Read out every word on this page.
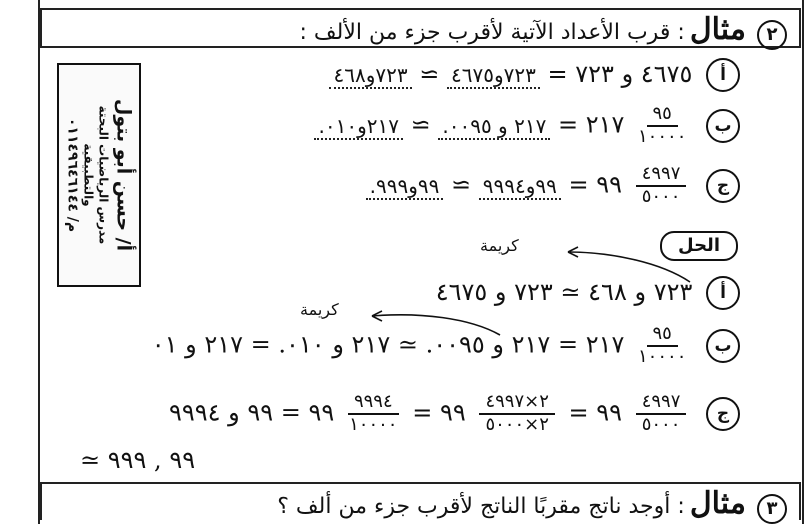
٢ مثال : قرب الأعداد الآتية لأقرب جزء من الألف :
أ/ حسن أبو بتول
مدرس الرياضيات البحتة والتطبيقية
م/ ٠١١٤٩٦٤٦١٤٤
أ ٤٦٧٥ و ٧٢٣ = ٧٢٣و٤٦٧٥ ≃ ٧٢٣و٤٦٨
ب
$\frac{٩٥}{١٠٠٠٠}$
٢١٧ = ٢١٧ و ٠٠٩٥. ≃ ٢١٧و٠١٠.
ج
$\frac{٤٩٩٧}{٥٠٠٠}$
٩٩ = ٩٩و٩٩٩٤ ≃ ٩٩و٩٩٩.
الحل
كريمة
كريمة
أ ٧٢٣ و ٤٦٨ ≃ ٧٢٣ و ٤٦٧٥
ب
$\frac{٩٥}{١٠٠٠٠}$
٢١٧ = ٢١٧ و ٠٠٩٥. ≃ ٢١٧ و ٠١٠. = ٢١٧ و ٠١
ج
$\frac{٤٩٩٧}{٥٠٠٠}$
٩٩ =
$\frac{٢\times ٤٩٩٧}{٢\times ٥٠٠٠}$
٩٩ =
$\frac{٩٩٩٤}{١٠٠٠٠}$
٩٩ = ٩٩ و ٩٩٩٤
≃ ٩٩ , ٩٩٩
٣ مثال : أوجد ناتج مقربًا الناتج لأقرب جزء من ألف ؟
